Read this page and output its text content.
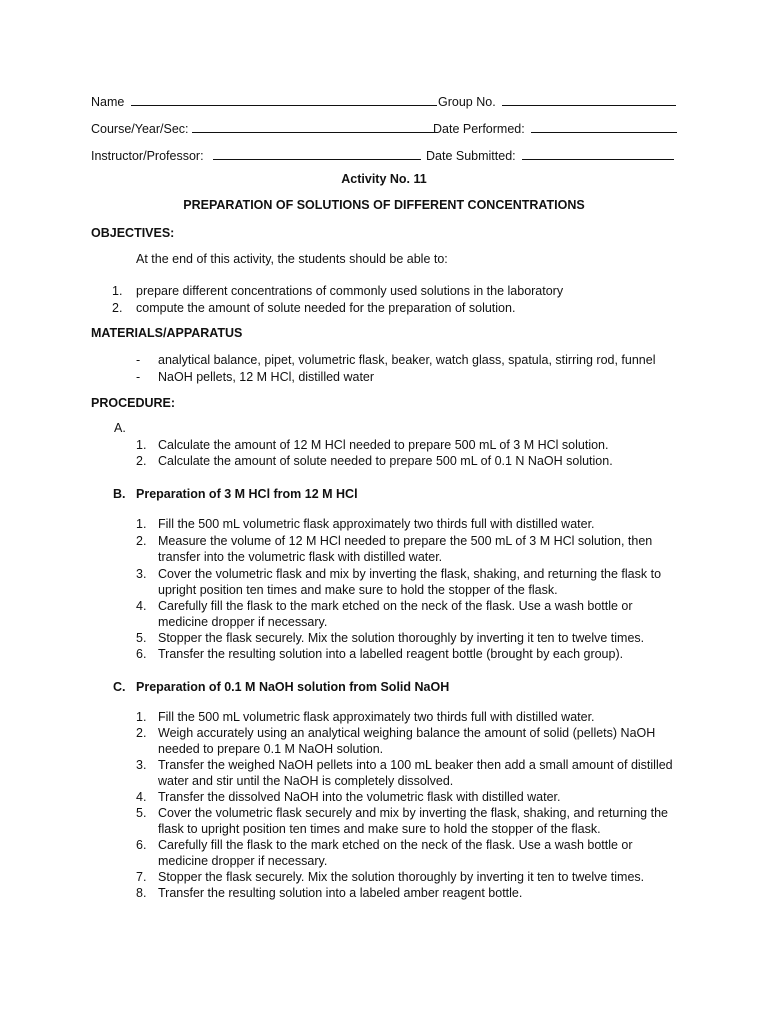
Name	Group No.
Course/Year/Sec:	Date Performed:
Instructor/Professor:	Date Submitted:
Activity No. 11
PREPARATION OF SOLUTIONS OF DIFFERENT CONCENTRATIONS
OBJECTIVES:
At the end of this activity, the students should be able to:
1. prepare different concentrations of commonly used solutions in the laboratory
2. compute the amount of solute needed for the preparation of solution.
MATERIALS/APPARATUS
- analytical balance, pipet, volumetric flask, beaker, watch glass, spatula, stirring rod, funnel
- NaOH pellets, 12 M HCl, distilled water
PROCEDURE:
A.
1. Calculate the amount of 12 M HCl needed to prepare 500 mL of 3 M HCl solution.
2. Calculate the amount of solute needed to prepare 500 mL of 0.1 N NaOH solution.
B. Preparation of 3 M HCl from 12 M HCl
1. Fill the 500 mL volumetric flask approximately two thirds full with distilled water.
2. Measure the volume of 12 M HCl needed to prepare the 500 mL of 3 M HCl solution, then
transfer into the volumetric flask with distilled water.
3. Cover the volumetric flask and mix by inverting the flask, shaking, and returning the flask to
upright position ten times and make sure to hold the stopper of the flask.
4. Carefully fill the flask to the mark etched on the neck of the flask. Use a wash bottle or
medicine dropper if necessary.
5. Stopper the flask securely. Mix the solution thoroughly by inverting it ten to twelve times.
6. Transfer the resulting solution into a labelled reagent bottle (brought by each group).
C. Preparation of 0.1 M NaOH solution from Solid NaOH
1. Fill the 500 mL volumetric flask approximately two thirds full with distilled water.
2. Weigh accurately using an analytical weighing balance the amount of solid (pellets) NaOH
needed to prepare 0.1 M NaOH solution.
3. Transfer the weighed NaOH pellets into a 100 mL beaker then add a small amount of distilled
water and stir until the NaOH is completely dissolved.
4. Transfer the dissolved NaOH into the volumetric flask with distilled water.
5. Cover the volumetric flask securely and mix by inverting the flask, shaking, and returning the
flask to upright position ten times and make sure to hold the stopper of the flask.
6. Carefully fill the flask to the mark etched on the neck of the flask. Use a wash bottle or
medicine dropper if necessary.
7. Stopper the flask securely. Mix the solution thoroughly by inverting it ten to twelve times.
8. Transfer the resulting solution into a labeled amber reagent bottle.
